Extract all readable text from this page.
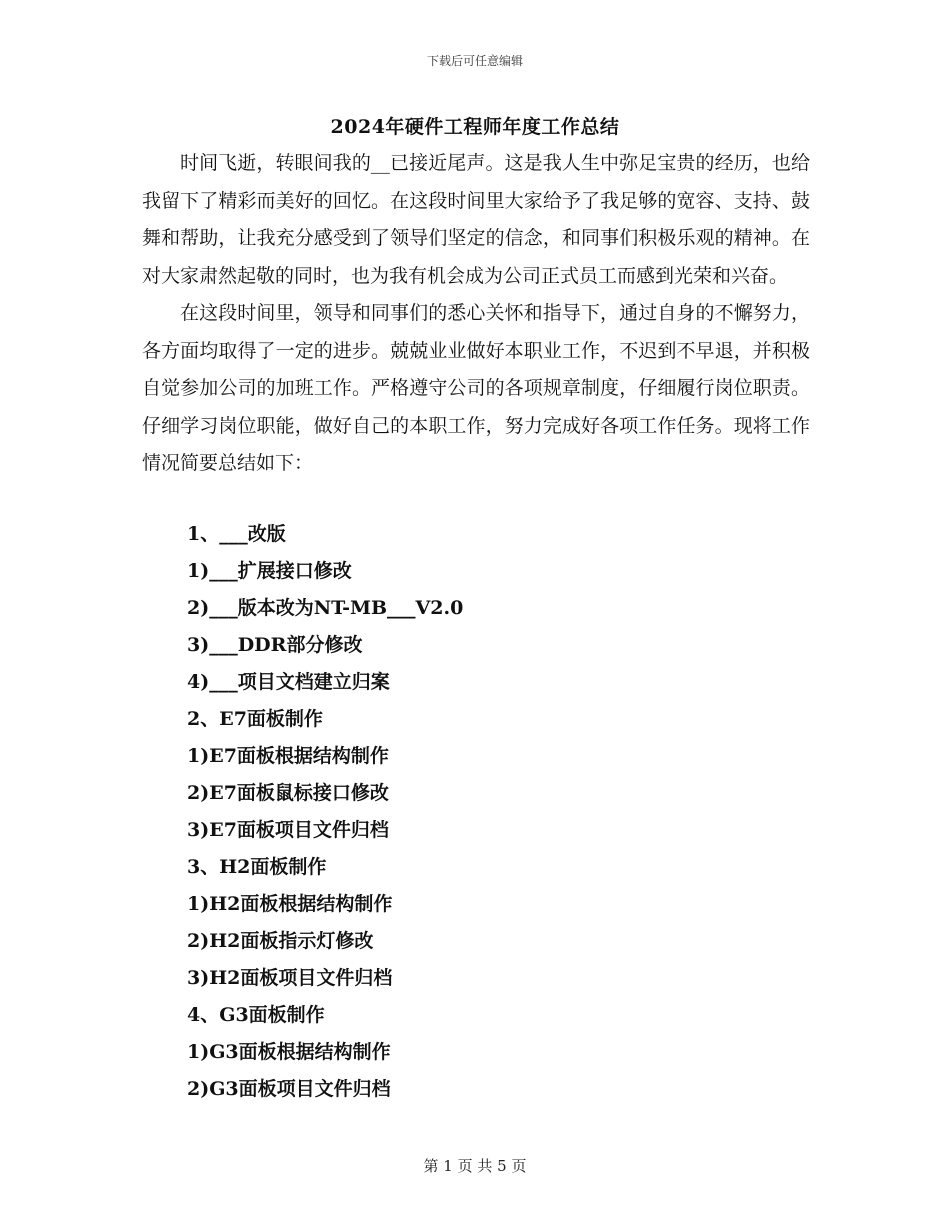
下载后可任意编辑
2024年硬件工程师年度工作总结

时间飞逝，转眼间我的__已接近尾声。这是我人生中弥足宝贵的经历，也给我留下了精彩而美好的回忆。在这段时间里大家给予了我足够的宽容、支持、鼓舞和帮助，让我充分感受到了领导们坚定的信念，和同事们积极乐观的精神。在对大家肃然起敬的同时，也为我有机会成为公司正式员工而感到光荣和兴奋。

在这段时间里，领导和同事们的悉心关怀和指导下，通过自身的不懈努力，各方面均取得了一定的进步。兢兢业业做好本职业工作，不迟到不早退，并积极自觉参加公司的加班工作。严格遵守公司的各项规章制度，仔细履行岗位职责。仔细学习岗位职能，做好自己的本职工作，努力完成好各项工作任务。现将工作情况简要总结如下：

1、___改版
1)___扩展接口修改
2)___版本改为NT-MB___V2.0
3)___DDR部分修改
4)___项目文档建立归案
2、E7面板制作
1)E7面板根据结构制作
2)E7面板鼠标接口修改
3)E7面板项目文件归档
3、H2面板制作
1)H2面板根据结构制作
2)H2面板指示灯修改
3)H2面板项目文件归档
4、G3面板制作
1)G3面板根据结构制作
2)G3面板项目文件归档
第 1 页 共 5 页
